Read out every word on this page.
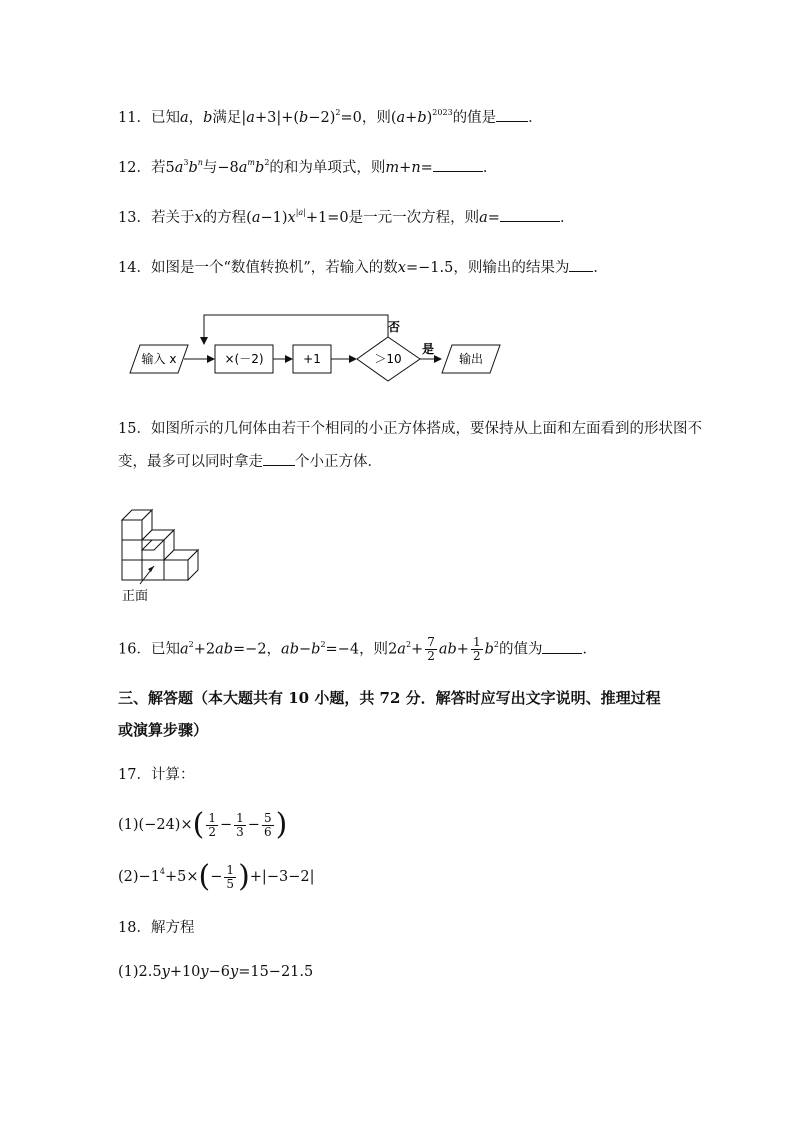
11．已知a，b满足$|a+3|+(b-2)^2=0$，则$(a+b)^{2023}$的值是 ．
12．若$5a^3b^n$与$-8a^mb^2$的和为单项式，则m+n=	．
13．若关于x的方程$(a-1)x^{|a|}+1=0$是一元一次方程，则a=	．
14．如图是一个“数值转换机”，若输入的数x=−1.5，则输出的结果为 ．
输入 x	×(－2)	+1	＞10
是
输出
否
15．如图所示的几何体由若干个相同的小正方体搭成，要保持从上面和左面看到的形状图不
变，最多可以同时拿走 个小正方体．
正面
16．已知$a^2+2ab=-2$，$ab-b^2=-4$，则$2a^2+ \frac{7}{2} ab+ \frac{1}{2} b^2$的值为	．
三、解答题（本大题共有 10 小题，共 72 分．解答时应写出文字说明、推理过程
或演算步骤）
17．计算：
$(1)(-24)\times( \frac{1}{2} - \frac{1}{3} - \frac{5}{6}$ )
$(2)-1^4+5\times(- \frac{1}{5} )+|-3-2|$
18．解方程
(1)2.5y+10y−6y=15−21.5
